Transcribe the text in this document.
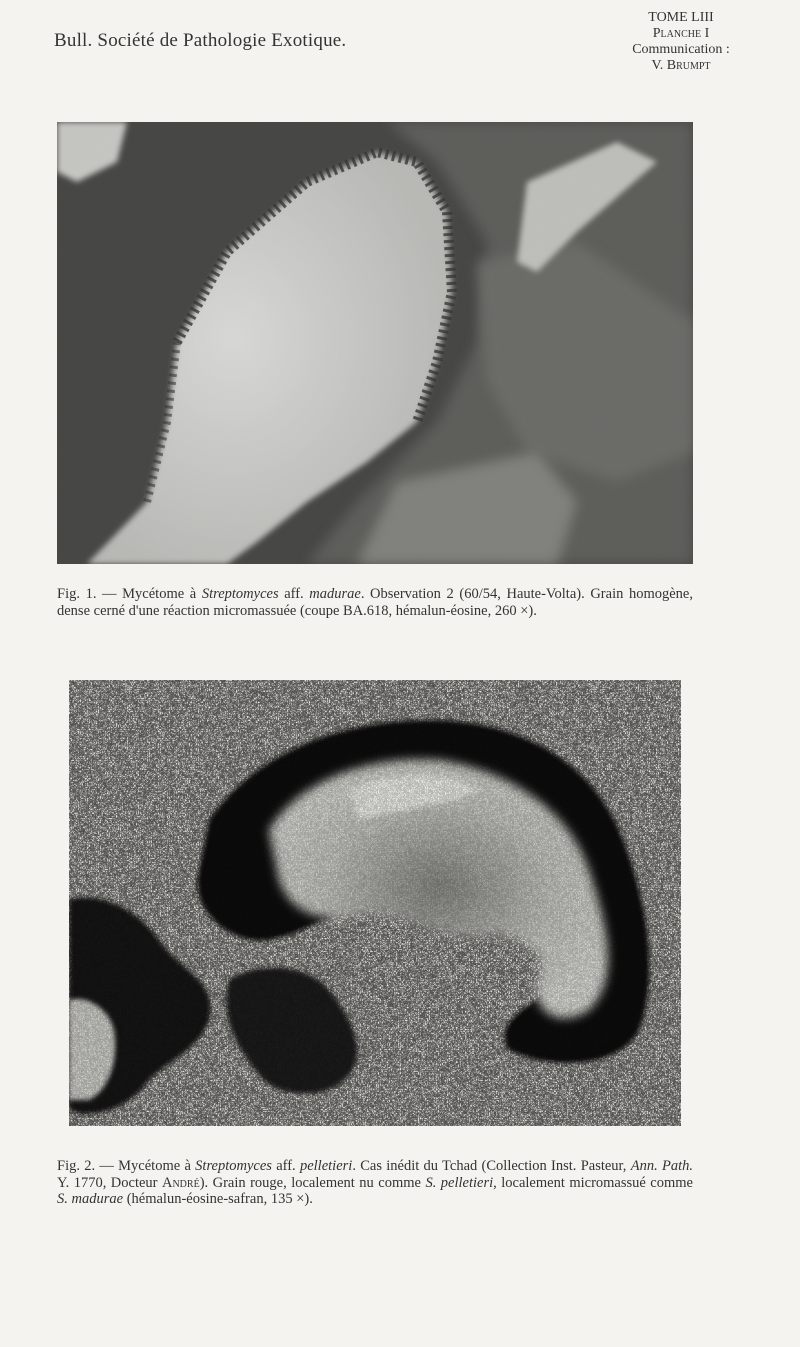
Bull. Société de Pathologie Exotique.
TOME LIII
Planche I
Communication :
V. Brumpt

Fig. 1. — Mycétome à Streptomyces aff. madurae. Observation 2 (60/54, Haute-Volta). Grain homogène, dense cerné d'une réaction micromassuée (coupe BA.618, hémalun-éosine, 260 ×).

Fig. 2. — Mycétome à Streptomyces aff. pelletieri. Cas inédit du Tchad (Collection Inst. Pasteur, Ann. Path. Y. 1770, Docteur André). Grain rouge, localement nu comme S. pelletieri, localement micromassué comme S. madurae (hémalun-éosine-safran, 135 ×).
